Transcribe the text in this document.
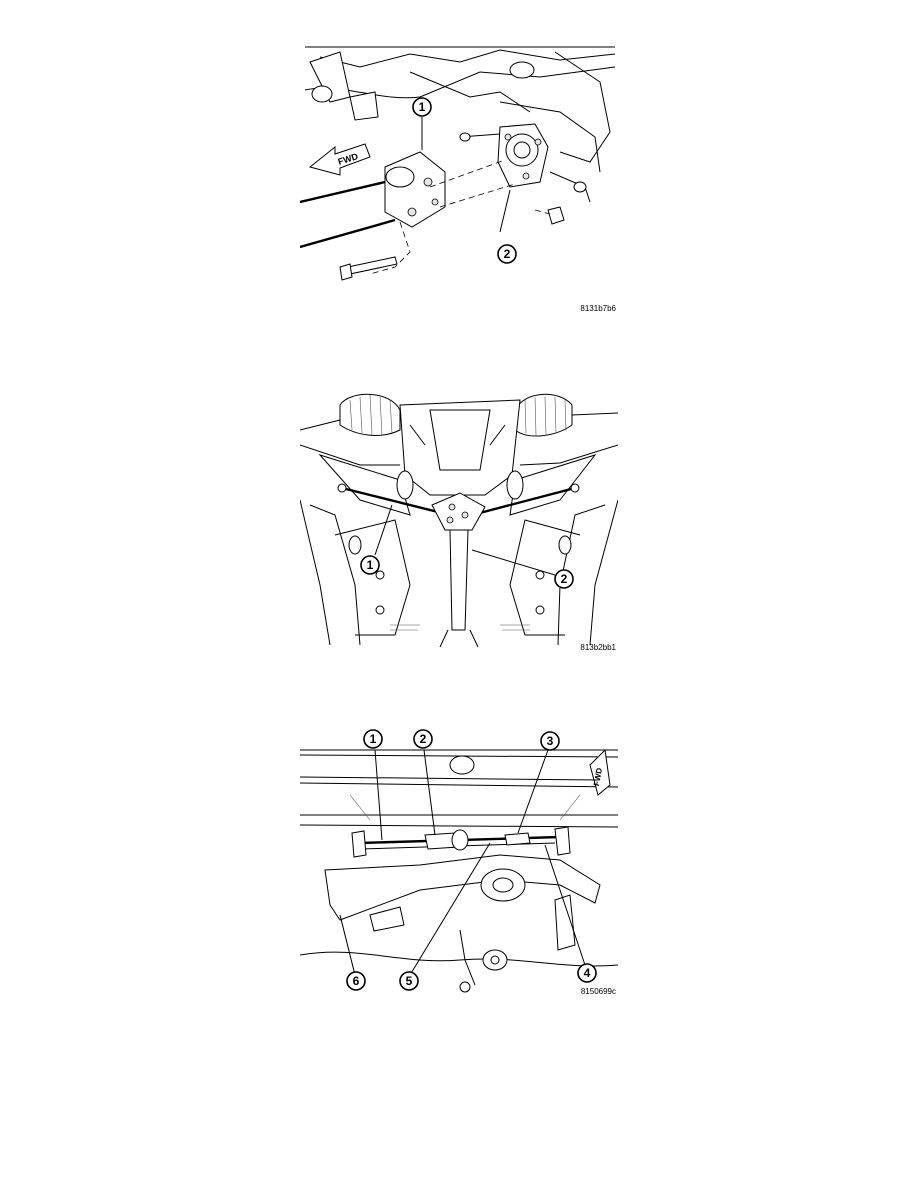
FWD
1
2
8131b7b6
1
2
813b2bb1
FWD
1	2	3
4
5
6
8150699c
